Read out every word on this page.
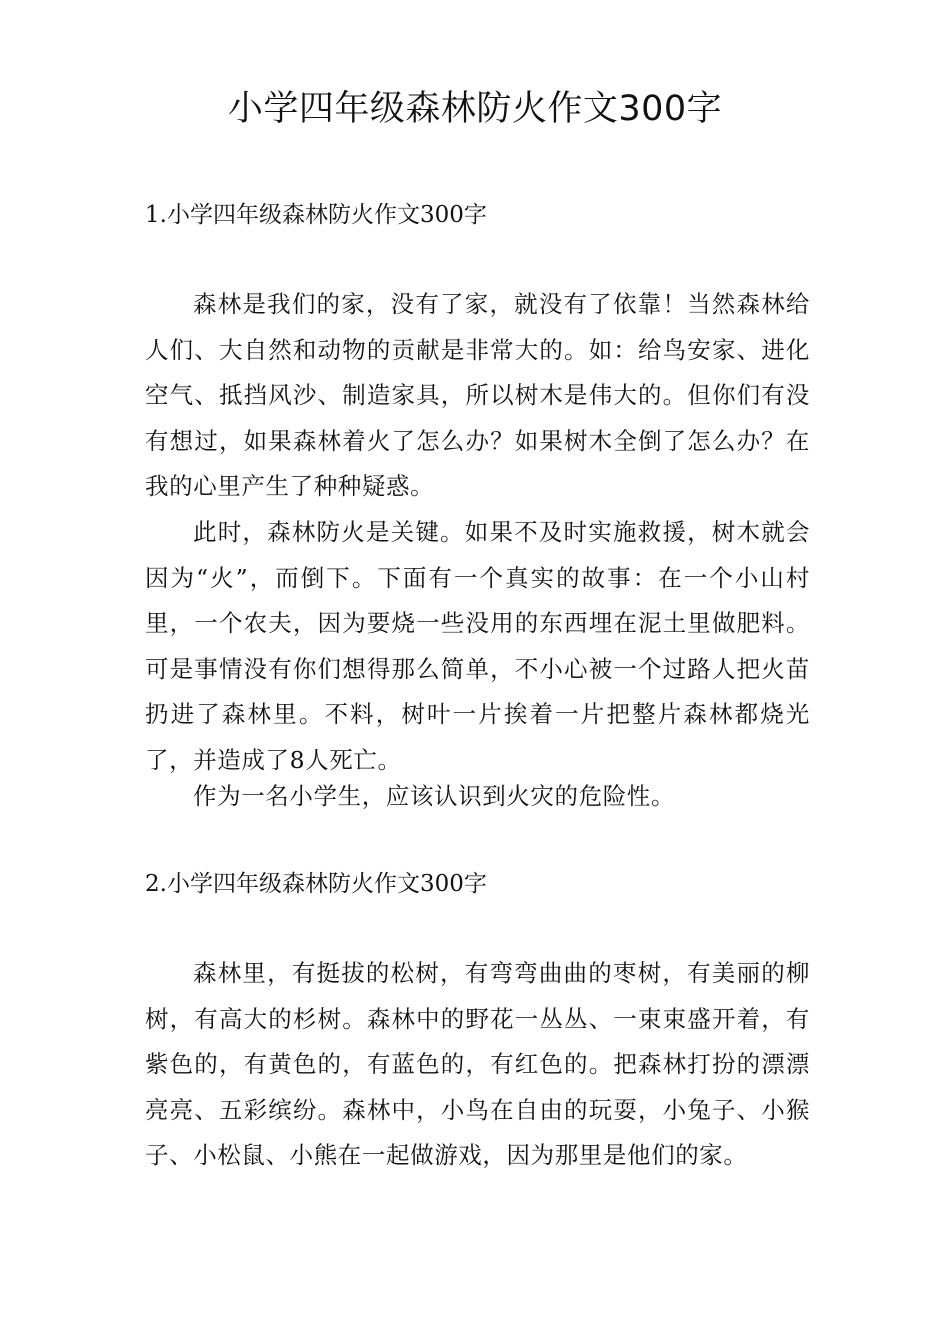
小学四年级森林防火作文300字
1.小学四年级森林防火作文300字

森林是我们的家，没有了家，就没有了依靠！当然森林给人们、大自然和动物的贡献是非常大的。如：给鸟安家、进化空气、抵挡风沙、制造家具，所以树木是伟大的。但你们有没有想过，如果森林着火了怎么办？如果树木全倒了怎么办？在我的心里产生了种种疑惑。

此时，森林防火是关键。如果不及时实施救援，树木就会因为“火”，而倒下。下面有一个真实的故事：在一个小山村里，一个农夫，因为要烧一些没用的东西埋在泥土里做肥料。可是事情没有你们想得那么简单，不小心被一个过路人把火苗扔进了森林里。不料，树叶一片挨着一片把整片森林都烧光了，并造成了8人死亡。

作为一名小学生，应该认识到火灾的危险性。

2.小学四年级森林防火作文300字

森林里，有挺拔的松树，有弯弯曲曲的枣树，有美丽的柳树，有高大的杉树。森林中的野花一丛丛、一束束盛开着，有紫色的，有黄色的，有蓝色的，有红色的。把森林打扮的漂漂亮亮、五彩缤纷。森林中，小鸟在自由的玩耍，小兔子、小猴子、小松鼠、小熊在一起做游戏，因为那里是他们的家。
